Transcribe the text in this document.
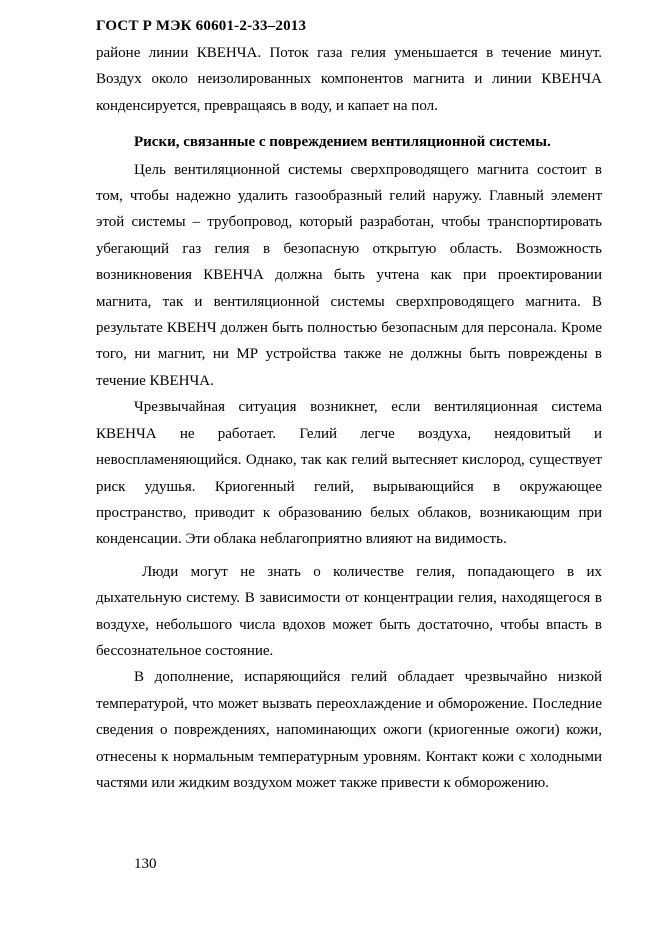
ГОСТ Р МЭК 60601-2-33–2013

районе линии КВЕНЧА. Поток газа гелия уменьшается в течение минут. Воздух около неизолированных компонентов магнита и линии КВЕНЧА конденсируется, превращаясь в воду, и капает на пол.

Риски, связанные с повреждением вентиляционной системы.

Цель вентиляционной системы сверхпроводящего магнита состоит в том, чтобы надежно удалить газообразный гелий наружу. Главный элемент этой системы – трубопровод, который разработан, чтобы транспортировать убегающий газ гелия в безопасную открытую область. Возможность возникновения КВЕНЧА должна быть учтена как при проектировании магнита, так и вентиляционной системы сверхпроводящего магнита. В результате КВЕНЧ должен быть полностью безопасным для персонала. Кроме того, ни магнит, ни МР устройства также не должны быть повреждены в течение КВЕНЧА.

Чрезвычайная ситуация возникнет, если вентиляционная система КВЕНЧА не работает. Гелий легче воздуха, неядовитый и невоспламеняющийся. Однако, так как гелий вытесняет кислород, существует риск удушья. Криогенный гелий, вырывающийся в окружающее пространство, приводит к образованию белых облаков, возникающим при конденсации. Эти облака неблагоприятно влияют на видимость.

Люди могут не знать о количестве гелия, попадающего в их дыхательную систему. В зависимости от концентрации гелия, находящегося в воздухе, небольшого числа вдохов может быть достаточно, чтобы впасть в бессознательное состояние.

В дополнение, испаряющийся гелий обладает чрезвычайно низкой температурой, что может вызвать переохлаждение и обморожение. Последние сведения о повреждениях, напоминающих ожоги (криогенные ожоги) кожи, отнесены к нормальным температурным уровням. Контакт кожи с холодными частями или жидким воздухом может также привести к обморожению.

130
